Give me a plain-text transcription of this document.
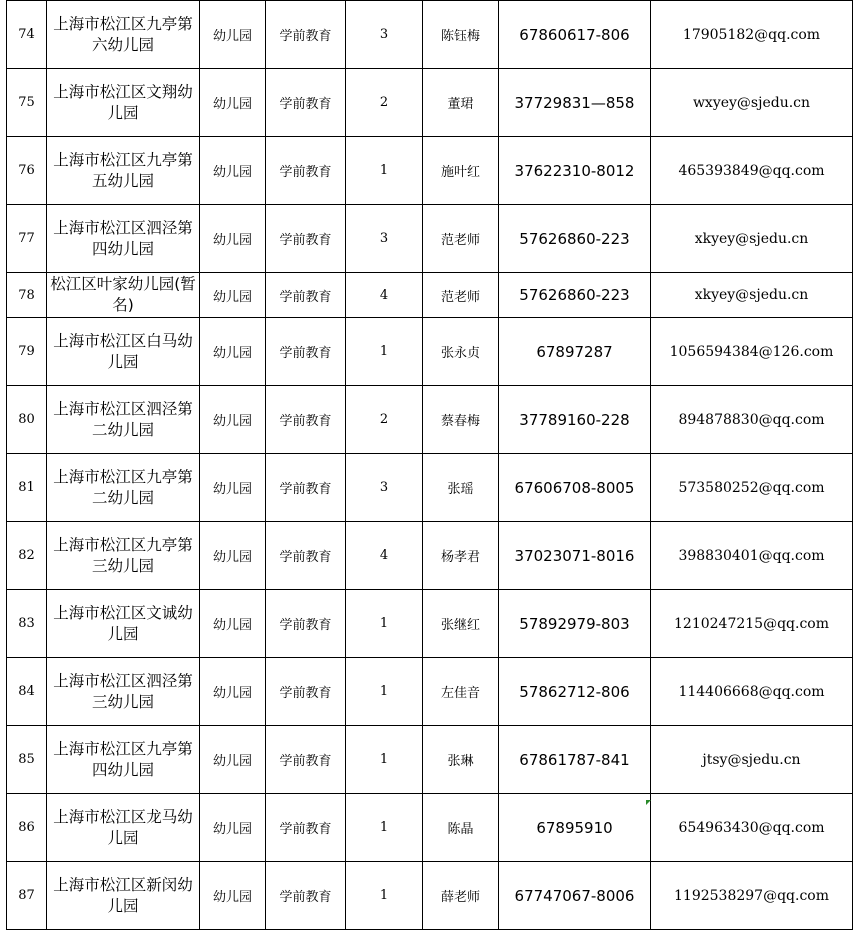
74	上海市松江区九亭第六幼儿园	幼儿园	学前教育	3	陈钰梅	67860617-806	17905182@qq.com
75	上海市松江区文翔幼儿园	幼儿园	学前教育	2	董珺	37729831—858	wxyey@sjedu.cn
76	上海市松江区九亭第五幼儿园	幼儿园	学前教育	1	施叶红	37622310-8012	465393849@qq.com
77	上海市松江区泗泾第四幼儿园	幼儿园	学前教育	3	范老师	57626860-223	xkyey@sjedu.cn
78	松江区叶家幼儿园(暂名)	幼儿园	学前教育	4	范老师	57626860-223	xkyey@sjedu.cn
79	上海市松江区白马幼儿园	幼儿园	学前教育	1	张永贞	67897287	1056594384@126.com
80	上海市松江区泗泾第二幼儿园	幼儿园	学前教育	2	蔡春梅	37789160-228	894878830@qq.com
81	上海市松江区九亭第二幼儿园	幼儿园	学前教育	3	张瑶	67606708-8005	573580252@qq.com
82	上海市松江区九亭第三幼儿园	幼儿园	学前教育	4	杨孝君	37023071-8016	398830401@qq.com
83	上海市松江区文诚幼儿园	幼儿园	学前教育	1	张继红	57892979-803	1210247215@qq.com
84	上海市松江区泗泾第三幼儿园	幼儿园	学前教育	1	左佳音	57862712-806	114406668@qq.com
85	上海市松江区九亭第四幼儿园	幼儿园	学前教育	1	张琳	67861787-841	jtsy@sjedu.cn
86	上海市松江区龙马幼儿园	幼儿园	学前教育	1	陈晶	67895910	654963430@qq.com
87	上海市松江区新闵幼儿园	幼儿园	学前教育	1	薛老师	67747067-8006	1192538297@qq.com
